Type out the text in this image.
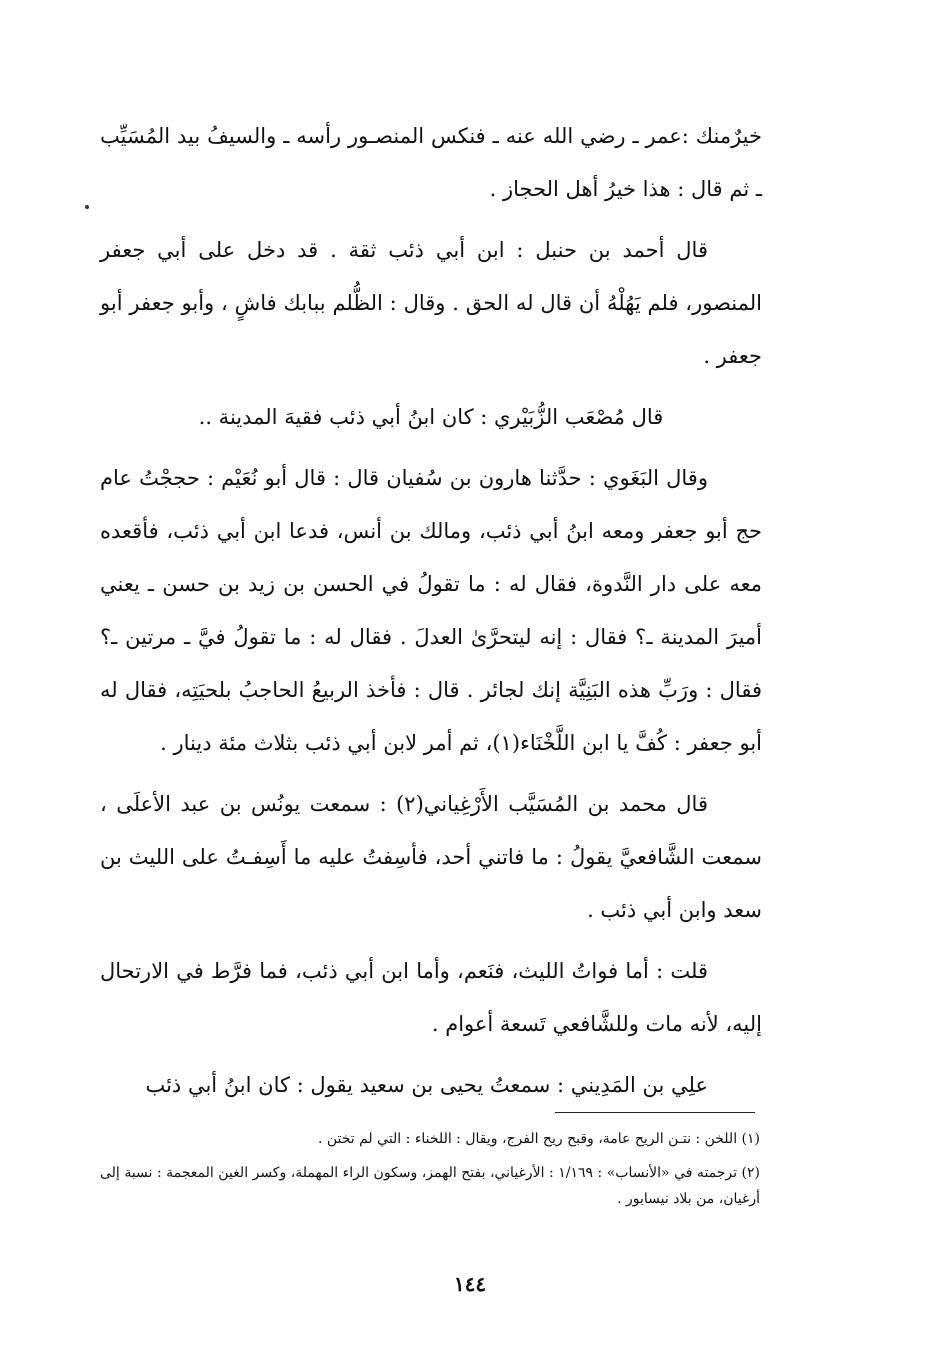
خيرٌمنك :عمر ـ رضي الله عنه ـ فنكس المنصـور رأسه ـ والسيفُ بيد المُسَيِّب ـ ثم قال : هذا خيرُ أهل الحجاز .

قال أحمد بن حنبل : ابن أبي ذئب ثقة . قد دخل على أبي جعفر المنصور، فلم يَهُلْهُ أن قال له الحق . وقال : الظُّلم ببابك فاشٍ ، وأبو جعفر أبو جعفر .

قال مُصْعَب الزُّبَيْري : كان ابنُ أبي ذئب فقيهَ المدينة ..

وقال البَغَوي : حدَّثنا هارون بن سُفيان قال : قال أبو نُعَيْم : حججْتُ عام حج أبو جعفر ومعه ابنُ أبي ذئب، ومالك بن أنس، فدعا ابن أبي ذئب، فأقعده معه على دار النَّدوة، فقال له : ما تقولُ في الحسن بن زيد بن حسن ـ يعني أميرَ المدينة ـ؟ فقال : إنه ليتحرَّىٰ العدلَ . فقال له : ما تقولُ فيَّ ـ مرتين ـ؟ فقال : ورَبِّ هذه البَنِيَّة إنك لجائر . قال : فأخذ الربيعُ الحاجبُ بلحيَتِه، فقال له أبو جعفر : كُفَّ يا ابن اللَّخْنَاء(١)، ثم أمر لابن أبي ذئب بثلاث مئة دينار .

قال محمد بن المُسَيَّب الأَرْغِياني(٢) : سمعت يونُس بن عبد الأعلَى ، سمعت الشَّافعيَّ يقولُ : ما فاتني أحد، فأسِفتُ عليه ما أَسِفـتُ على الليث بن سعد وابن أبي ذئب .

قلت : أما فواتُ الليث، فنَعم، وأما ابن أبي ذئب، فما فرَّط في الارتحال إليه، لأنه مات وللشَّافعي تَسعة أعوام .

علِي بن المَدِيني : سمعتُ يحيى بن سعيد يقول : كان ابنُ أبي ذئب

(١) اللخن : نتـن الريح عامة، وقبح ريح الفرج، ويقال : اللخناء : التي لم تختن .

(٢) ترجمته في «الأنساب» : ١/١٦٩ : الأرغياني، بفتح الهمز، وسكون الراء المهملة، وكسر الغين المعجمة : نسبة إلى أرغيان، من بلاد نيسابور .

١٤٤
